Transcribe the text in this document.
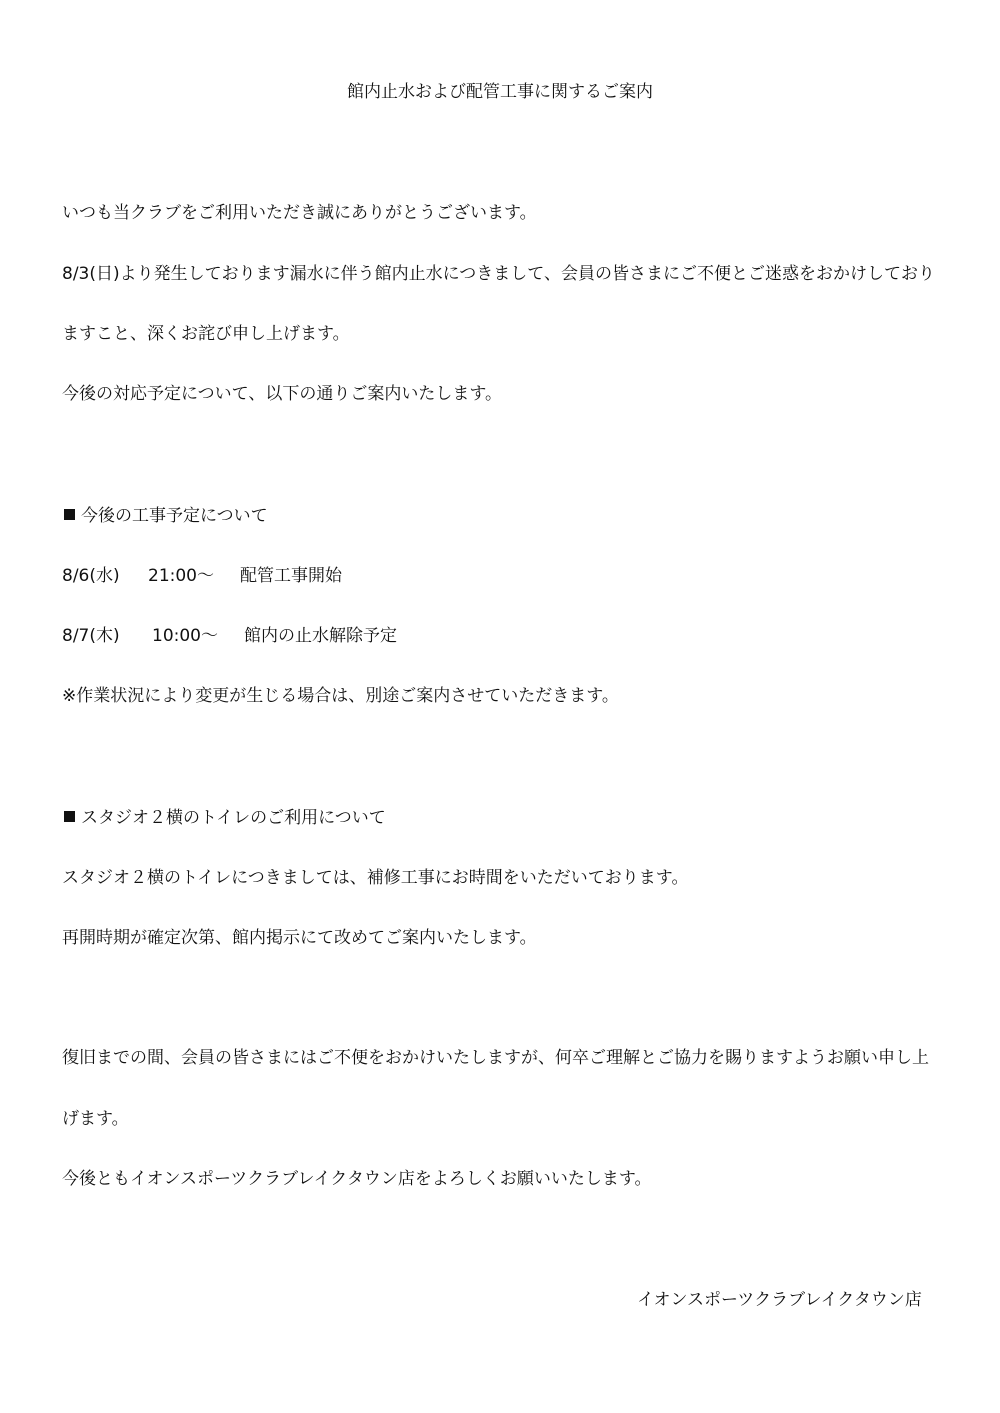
館内止水および配管工事に関するご案内
いつも当クラブをご利用いただき誠にありがとうございます。
8/3(日)より発生しております漏水に伴う館内止水につきまして、会員の皆さまにご不便とご迷惑をおかけしており
ますこと、深くお詫び申し上げます。
今後の対応予定について、以下の通りご案内いたします。
今後の工事予定について
8/6(水) 21:00～ 配管工事開始
8/7(木) 10:00～ 館内の止水解除予定
※作業状況により変更が生じる場合は、別途ご案内させていただきます。
スタジオ２横のトイレのご利用について
スタジオ２横のトイレにつきましては、補修工事にお時間をいただいております。
再開時期が確定次第、館内掲示にて改めてご案内いたします。
復旧までの間、会員の皆さまにはご不便をおかけいたしますが、何卒ご理解とご協力を賜りますようお願い申し上
げます。
今後ともイオンスポーツクラブレイクタウン店をよろしくお願いいたします。
イオンスポーツクラブレイクタウン店
